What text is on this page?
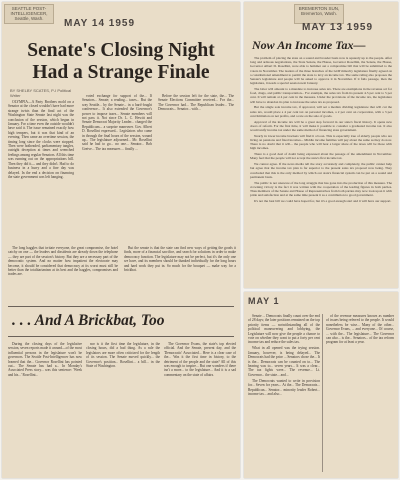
SEATTLE POST-INTELLIGENCER, Seattle, Wash.	MAY 14 1959
Senate's Closing Night
Had a Strange Finale
BY SHELBY SCATES, P-I Political Writer

OLYMPIA—A Party Brothers mold on a Senator at the closed wouldn't have had more strange twists than the final act of the Washington State Senate last night was the conclusion of the session, which began in January. For a time even the outside wouldn't have said it. The issue remained exactly how high tempers, but it was that kind of an evening. Then came an overtime session, the timing long since the clocks were stopped. Then were hotheaded, parliamentary tangles, outright deception at times and wrenched feelings among regular Senators. All this time was running out on the appropriations bill. Then they did it— and they didn't. Had to do business in a hurry and a fine day was delayed. In the end a decision on financing the state government was left hanging.

voted exchange for support of the... If Senators... Senate; a reading... taxes... But the way Seattle... by the Senate... in a hard-fought conference... It also extended the Governor's power to impose taxes... Senate members will not pass it. Not since Dr. L. C. Hewitt and Senate Democrat Majority Leader... charged the Republicans... a surprise maneuver. Gov. Albert D. Rosellini expressed... Legislators who came in through the final hours of the session, wound up... The legislature adjourned... Mr. Rosellini said he had to go... no one... Senator... Bob Greive... The tax measures ... finally ...

Before the session left for the state, the... The Senate Elections Committee received... For the... The Governor had... The Republican leader... The Democrats... Senator... with...

The long haggles that irritate everyone, the great compromise, the hotel catchy on one — the leaders and dissidents are already down the telephone — they are part of the session's history. But they are a necessary part of the democratic system. And no matter how impatient the electorate may become, it should be considered that democracy at its worst must still be better than the totalitarianism at its best and the haggles, compromises and trades are.

But the senate is that the state can find new ways of getting the goods it finds, more of a financial sacrifice, and search for solutions in order to make democracy function. The legislature may not be perfect, but it's the only one we have, and its members should be thanked individually for the long hours and hard work they put in. So much for the bouquet — make way for a brickbat.

. . . And A Brickbat, Too

During the closing days of the legislative session, seven reports made it around—of the most influential persons in the legislature won't be governors. The Seattle Post-Intelligencer has now learned that the... Governor Rosellini has pointed out... The Senate has had a... In Monday's Associated Press story... was this sentence: 'Week and his...' Rosellini...

nor is it the first time the legislature, in the closing hours, did a bad thing. As a rule the legislators are more often criticized for the length of its session. The Senate moved quickly... the Governor's position... Rosellini... a bill... in the State of Washington.

The Governor Evans, the state's top elected official. And the Senate, present day, and the 'Democratic' Associated... Here is a clear case of the... Was it the first time in history, to the detriment of the people and the state? All of this was enough to inspire... But one wonders if there isn't a more... to the legislature... And it is a sad commentary on the state of affairs.

BREMERTON SUN, Bremerton, Wash.
MAY 13 1959
Now An Income Tax—

The problem of placing the state on a sound and broader basis now is squarely up to the people. After long and arduous negotiations, the State Senate, the House, Governor Rosellini, the Senate, the House, Governor Albert D. Rosellini, were able to hammer out a compromise bill that will be submitted to the voters in November. The leaders of the three branches of the GOP minority legislature finally agreed on a constitutional amendment to permit the state to levy an income tax. The same ruling also proposes the Senate's legislature and people will be asked to approve it in November. If it fails passage, then the legislature, it needs a special session next January.

The labor will amount to a mandate to increase sales tax. There are exemptions in the revenue act for food, drugs, and public transportation... For example, the sales tax from its present 4.5 per cent to 5 per cent. It will remain at 4 per cent in the measure. Under the provisions of the income tax, the legislature will have to abandon its plan to increase the sales tax as proposed.

But the single sole income tax, if approved, will set a median dividing legislature that will cut the sales tax, would place a 4 per cent tax on personal incomes, a 2 per cent on corporation, with a 3 per cent limitation on net profits, and a rate on the sale of goods.

Approval of the income tax will be a great step forward in our state's fiscal history. It opens new doors of reform. For the first time, it will make it possible to consider a graduated income tax. It also would unify income tax under the same method of financing state government.

Nearly in lower income brackets will find it a boon. This is especially true of elderly people who are living on pensions and fixed incomes... Middle income families will pay about the same as they do now. There is no doubt that it will... the people who will bear a larger share of the taxes will be those with high incomes.

There is a good deal of doubt being expressed about the passage of the amendment in November. Many feel that the people will not accept the state's first income tax.

We cannot agree. If the news media tell the story accurately and completely, the public cannot help but agree that the income tax plan is far superior to the present sales tax proposal now being. They concluded that this is the only method by which our state's financial system can be put on a sound and permanent basis.

The public is not unaware of the long struggle that has gone into the production of this measure. The crowning victory is the fact it was written with the cooperation of the leading figures in both parties. Thus members of the Senate and House of Representatives from both parties may now look upon it with pride and satisfaction and at the same time present it as a contribution to good government.

It's not the best bill we could have hoped for, but it's a good enough start and it will have our support.

MAY 1

Senate ... Democrats finally count over the end of 28 days; the later positions remained on the top priority items — notwithstanding all of the political maneuvering and lobbying, the Legislature will now give the people a chance to vote on whether they want to put a forty per cent income tax and reduce the sales tax.

What in all opened was the trying session. January, however, is being delayed... The Democrats had the prior ... Senators chose the... It is the... Democrats can be counted on to... The hearing was to... seven years... It was a clear... The tax fights were... The revenue... Lt. Governor... the state... and...

The Democrats wanted to write in provision for... Seven for years... At the... The Democrats... Republican... Senator... minority leader Robert... income tax... and also...

of the revenue measures known as number of issues being referred to the people. It would nonetheless be wise... Many of the other... Governor Evans, ... and everyone... Of course, ... with the... The legislature... The Governor can also... is the... Senators... of the tax reform program for at least a year.
